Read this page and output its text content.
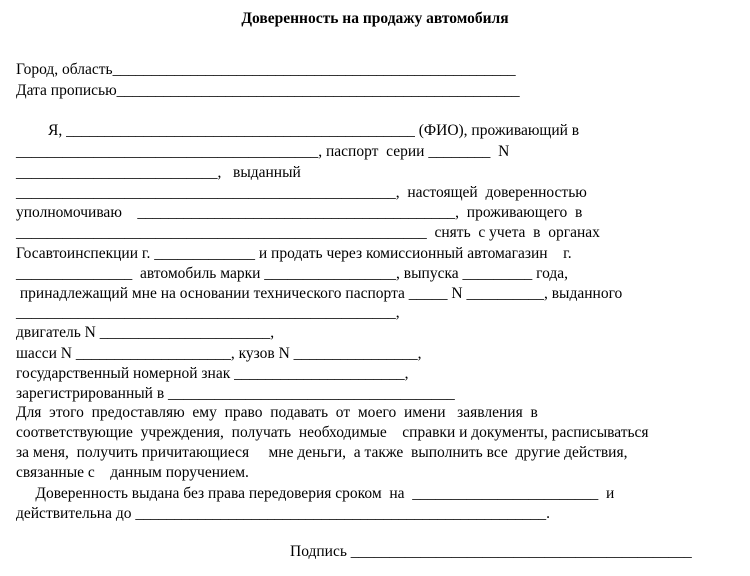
Доверенность на продажу автомобиля
Город, область____________________________________________________
Дата прописью____________________________________________________
Я, _____________________________________________ (ФИО), проживающий в
_______________________________________, паспорт  серии ________  N
__________________________,   выданный
_________________________________________________,  настоящей  доверенностью
уполномочиваю    _________________________________________,  проживающего  в
_____________________________________________________  снять  с учета  в  органах
Госавтоинспекции г. _____________ и продать через комиссионный автомагазин    г.
_______________  автомобиль марки _________________, выпуска _________ года,
принадлежащий мне на основании технического паспорта _____ N __________, выданного
_________________________________________________,
двигатель N ______________________,
шасси N ____________________, кузов N ________________,
государственный номерной знак ______________________,
зарегистрированный в _____________________________________
Для  этого  предоставляю  ему  право  подавать  от  моего  имени   заявления  в
соответствующие  учреждения,  получать  необходимые    справки и документы, расписываться
за меня,  получить причитающиеся     мне деньги,  а также  выполнить все  другие действия,
связанные с    данным поручением.
Доверенность выдана без права передоверия сроком  на  ________________________  и
действительна до _____________________________________________________.
Подпись ____________________________________________
